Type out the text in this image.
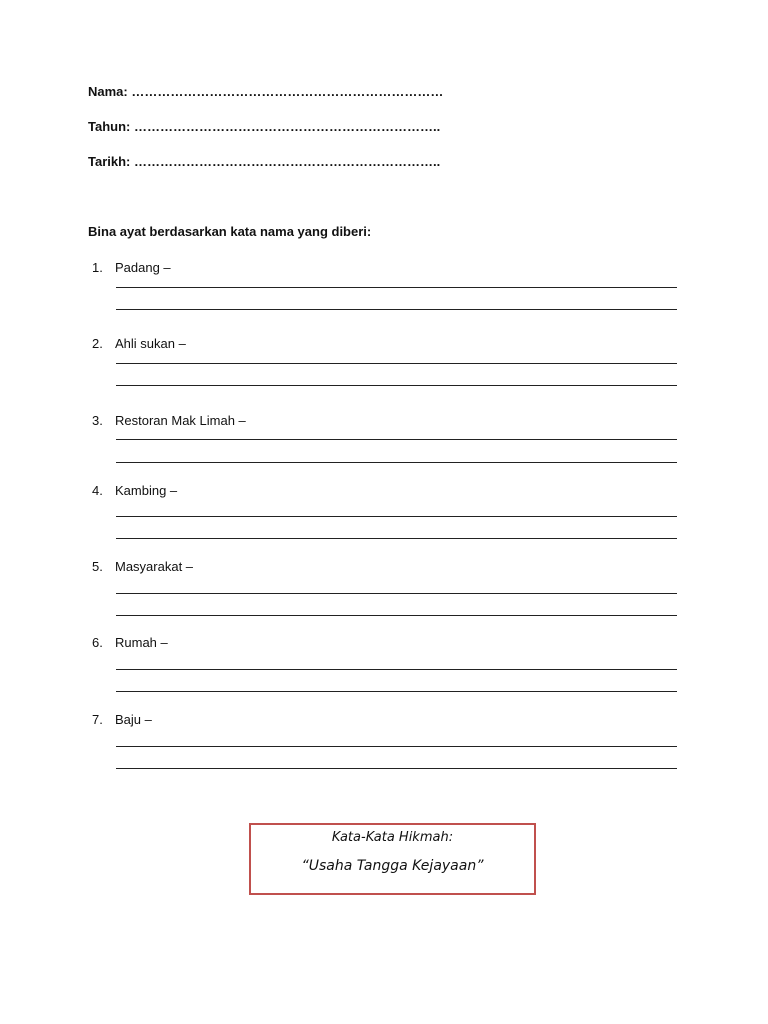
Nama: ………………………………………………………………
Tahun: ……………………………………………………………..
Tarikh: ……………………………………………………………..
Bina ayat berdasarkan kata nama yang diberi:
1. Padang –
2. Ahli sukan –
3. Restoran Mak Limah –
4. Kambing –
5. Masyarakat –
6. Rumah –
7. Baju –
Kata-Kata Hikmah:
“Usaha Tangga Kejayaan”
